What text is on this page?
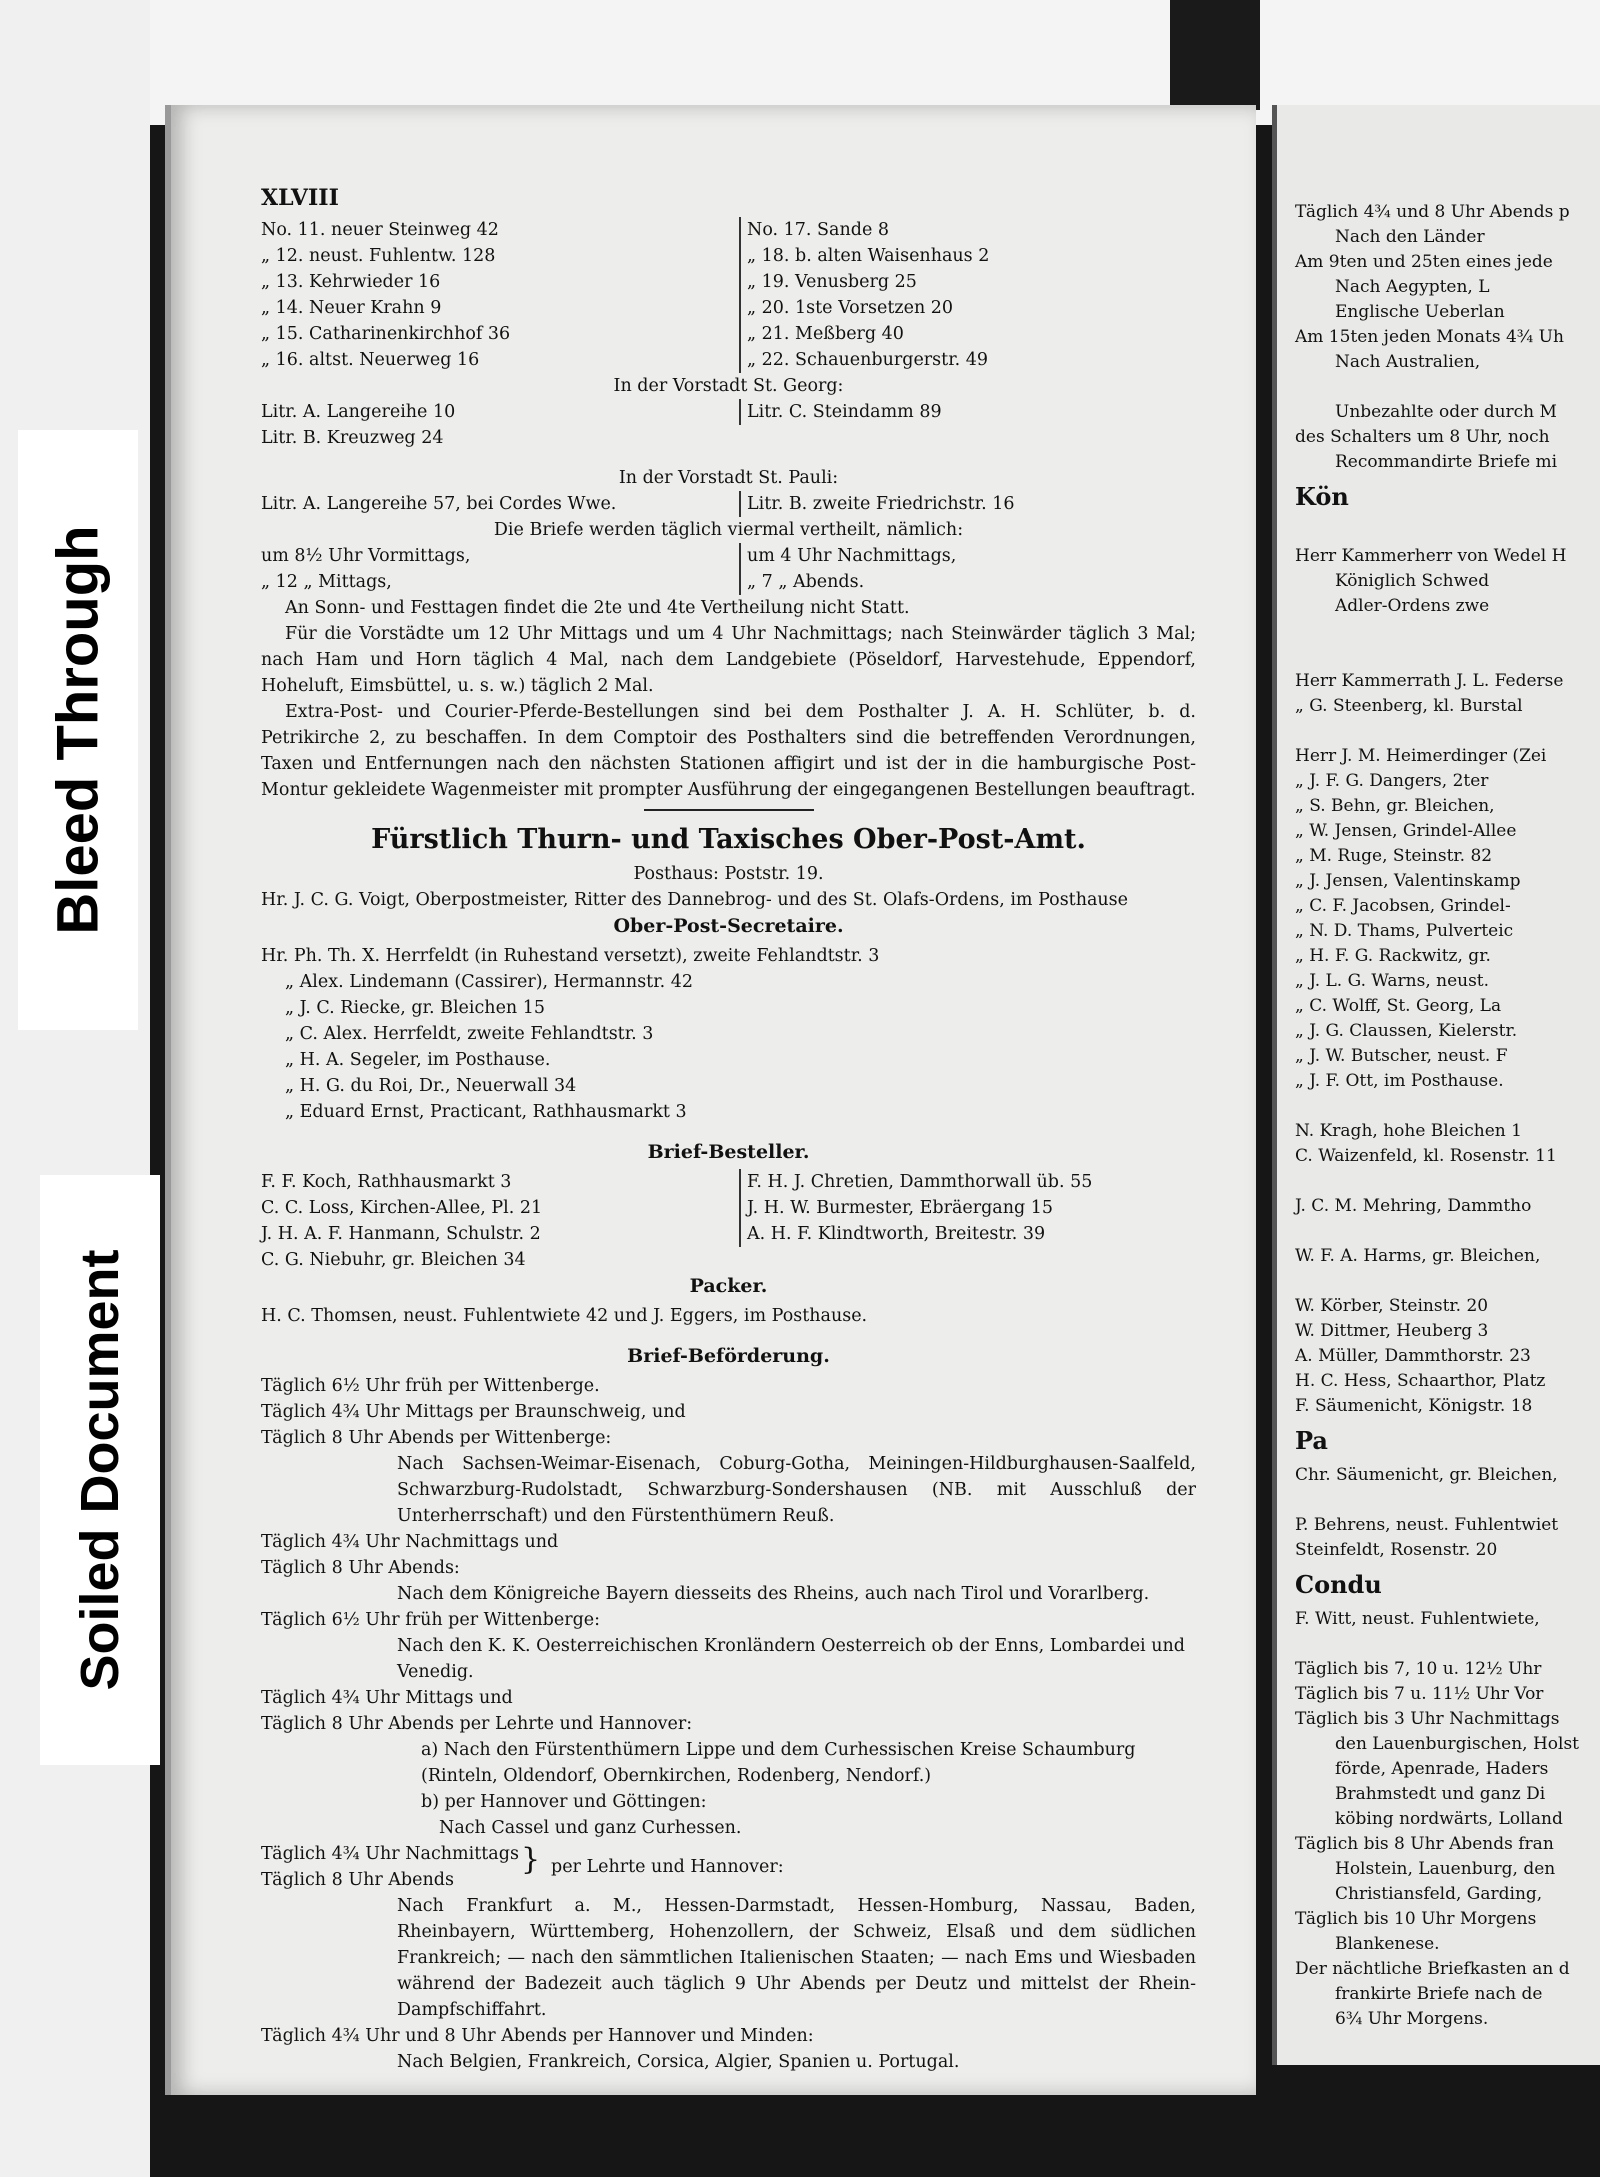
Bleed Through
Soiled Document
XLVIII
No. 11. neuer Steinweg 42	No. 17. Sande 8
„ 12. neust. Fuhlentw. 128	„ 18. b. alten Waisenhaus 2
„ 13. Kehrwieder 16	„ 19. Venusberg 25
„ 14. Neuer Krahn 9	„ 20. 1ste Vorsetzen 20
„ 15. Catharinenkirchhof 36	„ 21. Meßberg 40
„ 16. altst. Neuerweg 16	„ 22. Schauenburgerstr. 49
In der Vorstadt St. Georg:
Litr. A. Langereihe 10	Litr. C. Steindamm 89
Litr. B. Kreuzweg 24
In der Vorstadt St. Pauli:
Litr. A. Langereihe 57, bei Cordes Wwe.	Litr. B. zweite Friedrichstr. 16
Die Briefe werden täglich viermal vertheilt, nämlich:
um 8½ Uhr Vormittags,	um 4 Uhr Nachmittags,
„ 12 „ Mittags,	„ 7 „ Abends.
An Sonn- und Festtagen findet die 2te und 4te Vertheilung nicht Statt.
Für die Vorstädte um 12 Uhr Mittags und um 4 Uhr Nachmittags; nach Steinwärder täglich 3 Mal; nach Ham und Horn täglich 4 Mal, nach dem Landgebiete (Pöseldorf, Harvestehude, Eppendorf, Hoheluft, Eimsbüttel, u. s. w.) täglich 2 Mal.
Extra-Post- und Courier-Pferde-Bestellungen sind bei dem Posthalter J. A. H. Schlüter, b. d. Petrikirche 2, zu beschaffen. In dem Comptoir des Posthalters sind die betreffenden Verordnungen, Taxen und Entfernungen nach den nächsten Stationen affigirt und ist der in die hamburgische Post-Montur gekleidete Wagenmeister mit prompter Ausführung der eingegangenen Bestellungen beauftragt.
Fürstlich Thurn- und Taxisches Ober-Post-Amt.
Posthaus: Poststr. 19.
Hr. J. C. G. Voigt, Oberpostmeister, Ritter des Dannebrog- und des St. Olafs-Ordens, im Posthause
Ober-Post-Secretaire.
Hr. Ph. Th. X. Herrfeldt (in Ruhestand versetzt), zweite Fehlandtstr. 3
„ Alex. Lindemann (Cassirer), Hermannstr. 42
„ J. C. Riecke, gr. Bleichen 15
„ C. Alex. Herrfeldt, zweite Fehlandtstr. 3
„ H. A. Segeler, im Posthause.
„ H. G. du Roi, Dr., Neuerwall 34
„ Eduard Ernst, Practicant, Rathhausmarkt 3
Brief-Besteller.
F. F. Koch, Rathhausmarkt 3	F. H. J. Chretien, Dammthorwall üb. 55
C. C. Loss, Kirchen-Allee, Pl. 21	J. H. W. Burmester, Ebräergang 15
J. H. A. F. Hanmann, Schulstr. 2	A. H. F. Klindtworth, Breitestr. 39
C. G. Niebuhr, gr. Bleichen 34
Packer.
H. C. Thomsen, neust. Fuhlentwiete 42 und J. Eggers, im Posthause.
Brief-Beförderung.
Täglich 6½ Uhr früh per Wittenberge.
Täglich 4¾ Uhr Mittags per Braunschweig, und
Täglich 8 Uhr Abends per Wittenberge:
Nach Sachsen-Weimar-Eisenach, Coburg-Gotha, Meiningen-Hildburghausen-Saalfeld, Schwarzburg-Rudolstadt, Schwarzburg-Sondershausen (NB. mit Ausschluß der Unterherrschaft) und den Fürstenthümern Reuß.
Täglich 4¾ Uhr Nachmittags und
Täglich 8 Uhr Abends:
Nach dem Königreiche Bayern diesseits des Rheins, auch nach Tirol und Vorarlberg.
Täglich 6½ Uhr früh per Wittenberge:
Nach den K. K. Oesterreichischen Kronländern Oesterreich ob der Enns, Lombardei und Venedig.
Täglich 4¾ Uhr Mittags und
Täglich 8 Uhr Abends per Lehrte und Hannover:
a) Nach den Fürstenthümern Lippe und dem Curhessischen Kreise Schaumburg (Rinteln, Oldendorf, Obernkirchen, Rodenberg, Nendorf.)
b) per Hannover und Göttingen:
Nach Cassel und ganz Curhessen.
Täglich 4¾ Uhr Nachmittags } per Lehrte und Hannover:
Täglich 8 Uhr Abends
Nach Frankfurt a. M., Hessen-Darmstadt, Hessen-Homburg, Nassau, Baden, Rheinbayern, Württemberg, Hohenzollern, der Schweiz, Elsaß und dem südlichen Frankreich; — nach den sämmtlichen Italienischen Staaten; — nach Ems und Wiesbaden während der Badezeit auch täglich 9 Uhr Abends per Deutz und mittelst der Rhein-Dampfschiffahrt.
Täglich 4¾ Uhr und 8 Uhr Abends per Hannover und Minden:
Nach Belgien, Frankreich, Corsica, Algier, Spanien u. Portugal.
Täglich 4¾ und 8 Uhr Abends p
Nach den Länder
Am 9ten und 25ten eines jede
Nach Aegypten, L
Englische Ueberlan
Am 15ten jeden Monats 4¾ Uh
Nach Australien,
Unbezahlte oder durch M
des Schalters um 8 Uhr, noch
Recommandirte Briefe mi
Kön
Herr Kammerherr von Wedel H
Königlich Schwed
Adler-Ordens zwe
Herr Kammerrath J. L. Federse
„ G. Steenberg, kl. Burstal
Herr J. M. Heimerdinger (Zei
„ J. F. G. Dangers, 2ter
„ S. Behn, gr. Bleichen,
„ W. Jensen, Grindel-Allee
„ M. Ruge, Steinstr. 82
„ J. Jensen, Valentinskamp
„ C. F. Jacobsen, Grindel-
„ N. D. Thams, Pulverteic
„ H. F. G. Rackwitz, gr.
„ J. L. G. Warns, neust.
„ C. Wolff, St. Georg, La
„ J. G. Claussen, Kielerstr.
„ J. W. Butscher, neust. F
„ J. F. Ott, im Posthause.
N. Kragh, hohe Bleichen 1
C. Waizenfeld, kl. Rosenstr. 11
J. C. M. Mehring, Dammtho
W. F. A. Harms, gr. Bleichen,
W. Körber, Steinstr. 20
W. Dittmer, Heuberg 3
A. Müller, Dammthorstr. 23
H. C. Hess, Schaarthor, Platz
F. Säumenicht, Königstr. 18
Pa
Chr. Säumenicht, gr. Bleichen,
P. Behrens, neust. Fuhlentwiet
Steinfeldt, Rosenstr. 20
Condu
F. Witt, neust. Fuhlentwiete,
Täglich bis 7, 10 u. 12½ Uhr
Täglich bis 7 u. 11½ Uhr Vor
Täglich bis 3 Uhr Nachmittags
den Lauenburgischen, Holst
förde, Apenrade, Haders
Brahmstedt und ganz Di
köbing nordwärts, Lolland
Täglich bis 8 Uhr Abends fran
Holstein, Lauenburg, den
Christiansfeld, Garding,
Täglich bis 10 Uhr Morgens
Blankenese.
Der nächtliche Briefkasten an d
frankirte Briefe nach de
6¾ Uhr Morgens.
